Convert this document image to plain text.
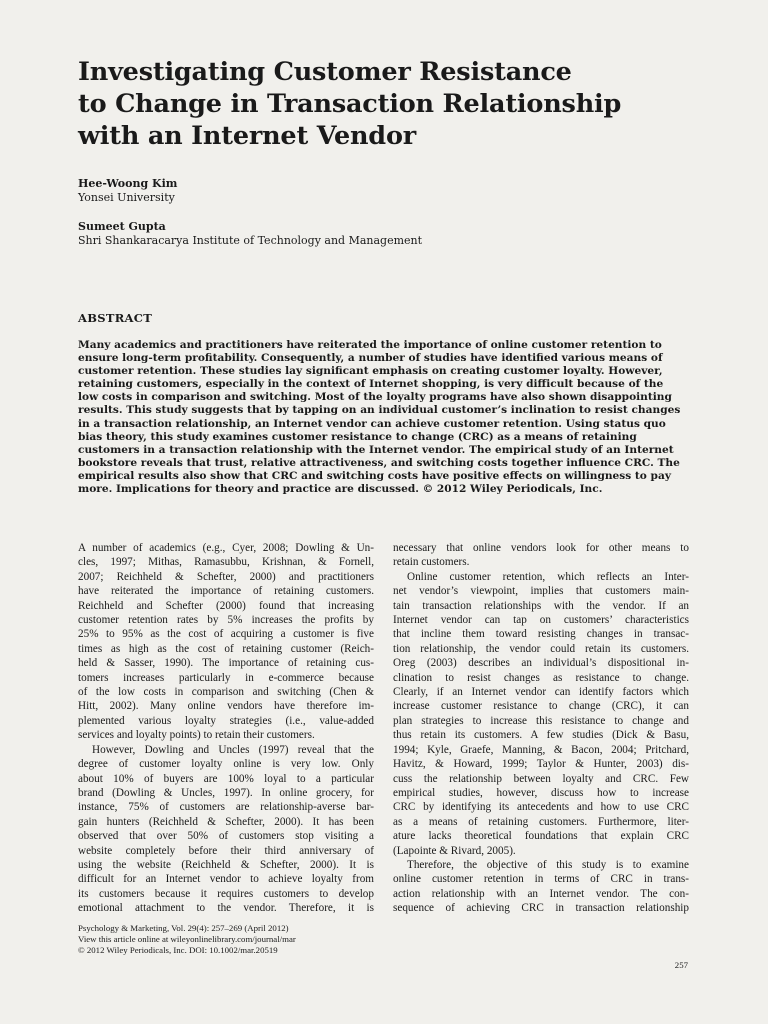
Investigating Customer Resistance
to Change in Transaction Relationship
with an Internet Vendor
Hee-Woong Kim
Yonsei University
Sumeet Gupta
Shri Shankaracarya Institute of Technology and Management
ABSTRACT
Many academics and practitioners have reiterated the importance of online customer retention to
ensure long-term profitability. Consequently, a number of studies have identified various means of
customer retention. These studies lay significant emphasis on creating customer loyalty. However,
retaining customers, especially in the context of Internet shopping, is very difficult because of the
low costs in comparison and switching. Most of the loyalty programs have also shown disappointing
results. This study suggests that by tapping on an individual customer’s inclination to resist changes
in a transaction relationship, an Internet vendor can achieve customer retention. Using status quo
bias theory, this study examines customer resistance to change (CRC) as a means of retaining
customers in a transaction relationship with the Internet vendor. The empirical study of an Internet
bookstore reveals that trust, relative attractiveness, and switching costs together influence CRC. The
empirical results also show that CRC and switching costs have positive effects on willingness to pay
more. Implications for theory and practice are discussed. © 2012 Wiley Periodicals, Inc.
A number of academics (e.g., Cyer, 2008; Dowling & Un-
cles, 1997; Mithas, Ramasubbu, Krishnan, & Fornell,
2007; Reichheld & Schefter, 2000) and practitioners
have reiterated the importance of retaining customers.
Reichheld and Schefter (2000) found that increasing
customer retention rates by 5% increases the profits by
25% to 95% as the cost of acquiring a customer is five
times as high as the cost of retaining customer (Reich-
held & Sasser, 1990). The importance of retaining cus-
tomers increases particularly in e-commerce because
of the low costs in comparison and switching (Chen &
Hitt, 2002). Many online vendors have therefore im-
plemented various loyalty strategies (i.e., value-added
services and loyalty points) to retain their customers.
However, Dowling and Uncles (1997) reveal that the
degree of customer loyalty online is very low. Only
about 10% of buyers are 100% loyal to a particular
brand (Dowling & Uncles, 1997). In online grocery, for
instance, 75% of customers are relationship-averse bar-
gain hunters (Reichheld & Schefter, 2000). It has been
observed that over 50% of customers stop visiting a
website completely before their third anniversary of
using the website (Reichheld & Schefter, 2000). It is
difficult for an Internet vendor to achieve loyalty from
its customers because it requires customers to develop
emotional attachment to the vendor. Therefore, it is
necessary that online vendors look for other means to
retain customers.
Online customer retention, which reflects an Inter-
net vendor’s viewpoint, implies that customers main-
tain transaction relationships with the vendor. If an
Internet vendor can tap on customers’ characteristics
that incline them toward resisting changes in transac-
tion relationship, the vendor could retain its customers.
Oreg (2003) describes an individual’s dispositional in-
clination to resist changes as resistance to change.
Clearly, if an Internet vendor can identify factors which
increase customer resistance to change (CRC), it can
plan strategies to increase this resistance to change and
thus retain its customers. A few studies (Dick & Basu,
1994; Kyle, Graefe, Manning, & Bacon, 2004; Pritchard,
Havitz, & Howard, 1999; Taylor & Hunter, 2003) dis-
cuss the relationship between loyalty and CRC. Few
empirical studies, however, discuss how to increase
CRC by identifying its antecedents and how to use CRC
as a means of retaining customers. Furthermore, liter-
ature lacks theoretical foundations that explain CRC
(Lapointe & Rivard, 2005).
Therefore, the objective of this study is to examine
online customer retention in terms of CRC in trans-
action relationship with an Internet vendor. The con-
sequence of achieving CRC in transaction relationship
Psychology & Marketing, Vol. 29(4): 257–269 (April 2012)
View this article online at wileyonlinelibrary.com/journal/mar
© 2012 Wiley Periodicals, Inc. DOI: 10.1002/mar.20519
257
